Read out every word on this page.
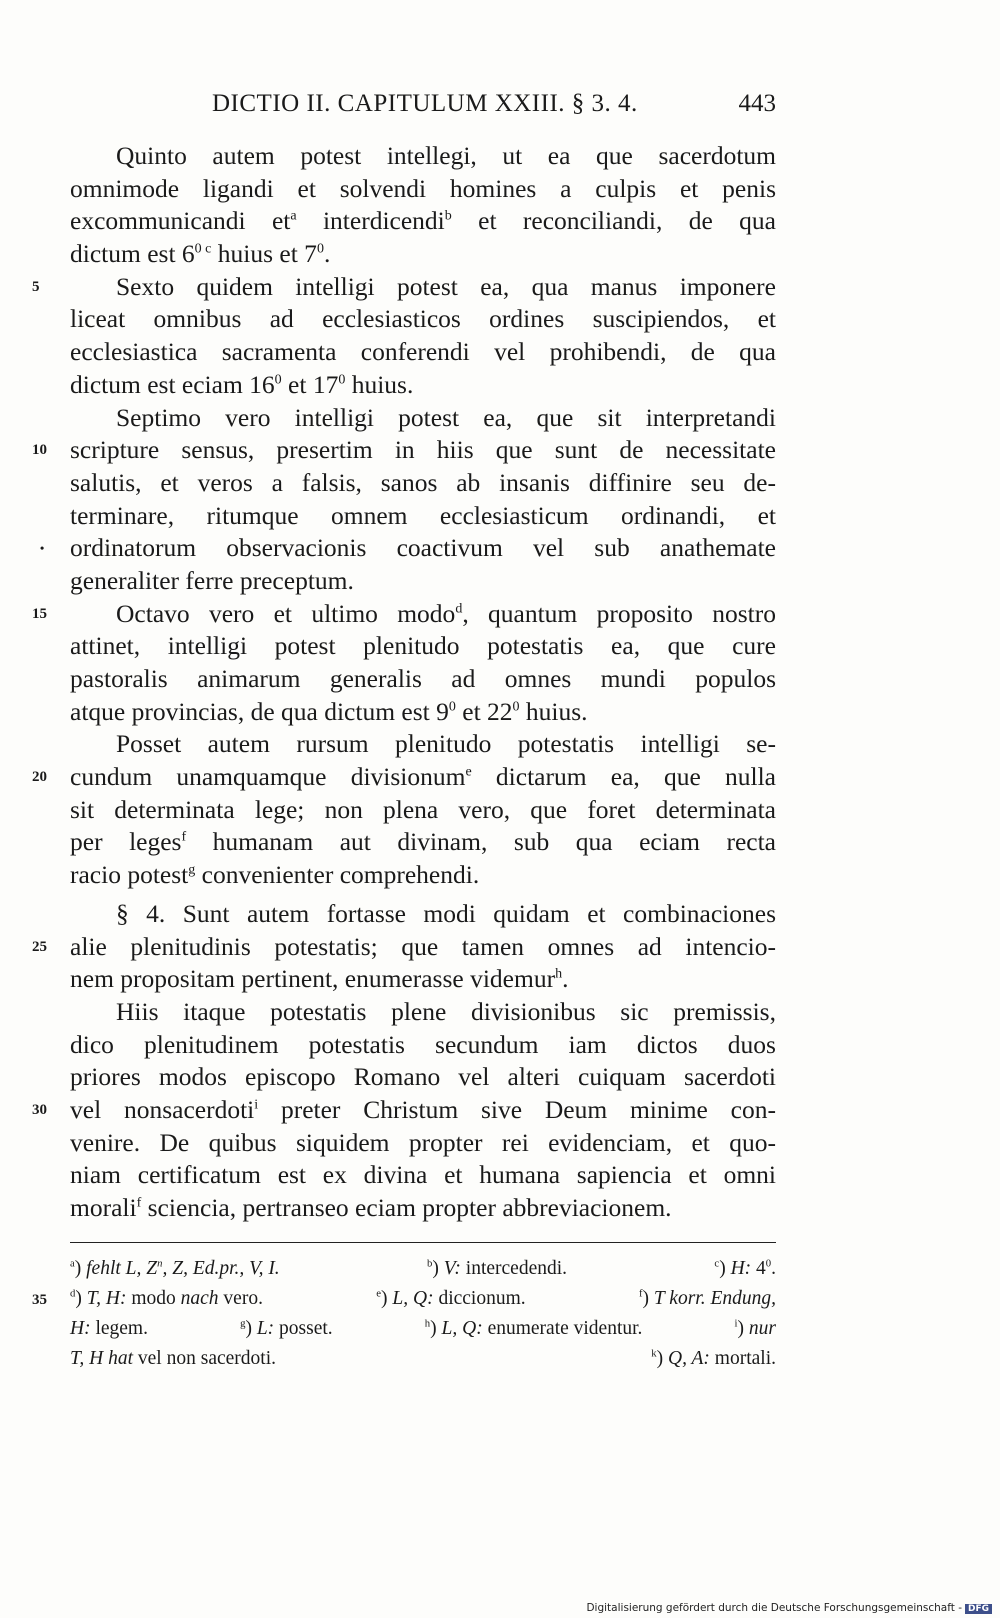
DICTIO II. CAPITULUM XXIII. § 3. 4.	443
Quinto autem potest intellegi, ut ea que sacerdotum
omnimode ligandi et solvendi homines a culpis et penis
excommunicandi $et^a$ interdicendi$^b$ et reconciliandi, de qua
dictum est $6^{0 c}$ huius et $7^0$.
5	Sexto quidem intelligi potest ea, qua manus imponere
liceat omnibus ad ecclesiasticos ordines suscipiendos, et
ecclesiastica sacramenta conferendi vel prohibendi, de qua
dictum est eciam $16^0$ et $17^0$ huius.
Septimo vero intelligi potest ea, que sit interpretandi
10 scripture sensus, presertim in hiis que sunt de necessitate
salutis, et veros a falsis, sanos ab insanis diffinire seu de-
terminare, ritumque omnem ecclesiasticum ordinandi, et
•	ordinatorum observacionis coactivum vel sub anathemate
generaliter ferre preceptum.
15	Octavo vero et ultimo modo$^d$, quantum proposito nostro
attinet, intelligi potest plenitudo potestatis ea, que cure
pastoralis animarum generalis ad omnes mundi populos
atque provincias, de qua dictum est $9^0$ et $22^0$ huius.
Posset autem rursum plenitudo potestatis intelligi se-
20 cundum unamquamque divisionum$^e$ dictarum ea, que nulla
sit determinata lege; non plena vero, que foret determinata
per leges$^f$ humanam aut divinam, sub qua eciam recta
racio potest$^g$ convenienter comprehendi.
§ 4. Sunt autem fortasse modi quidam et combinaciones
25 alie plenitudinis potestatis; que tamen omnes ad intencio-
nem propositam pertinent, enumerasse videmur$^h$.
Hiis itaque potestatis plene divisionibus sic premissis,
dico plenitudinem potestatis secundum iam dictos duos
priores modos episcopo Romano vel alteri cuiquam sacerdoti
30 vel nonsacerdoti$^i$ preter Christum sive Deum minime con-
venire. De quibus siquidem propter rei evidenciam, et quo-
niam certificatum est ex divina et humana sapiencia et omni
morali$^f$ sciencia, pertranseo eciam propter abbreviacionem.
$^a$) fehlt L, $Z^n$, Z, Ed.pr., V, I.	$^b$) V: intercedendi.	$^c$) H: $4^0$.
35	$^d$) T, H: modo nach vero.	$^e$) L, Q: diccionum.	$^f$) T korr. Endung,
H: legem.	$^g$) L: posset.	$^h$) L, Q: enumerate videntur.	$^i$) nur
T, H hat vel non sacerdoti.	$^k$) Q, A: mortali.
Digitalisierung gefördert durch die Deutsche Forschungsgemeinschaft - DFG
